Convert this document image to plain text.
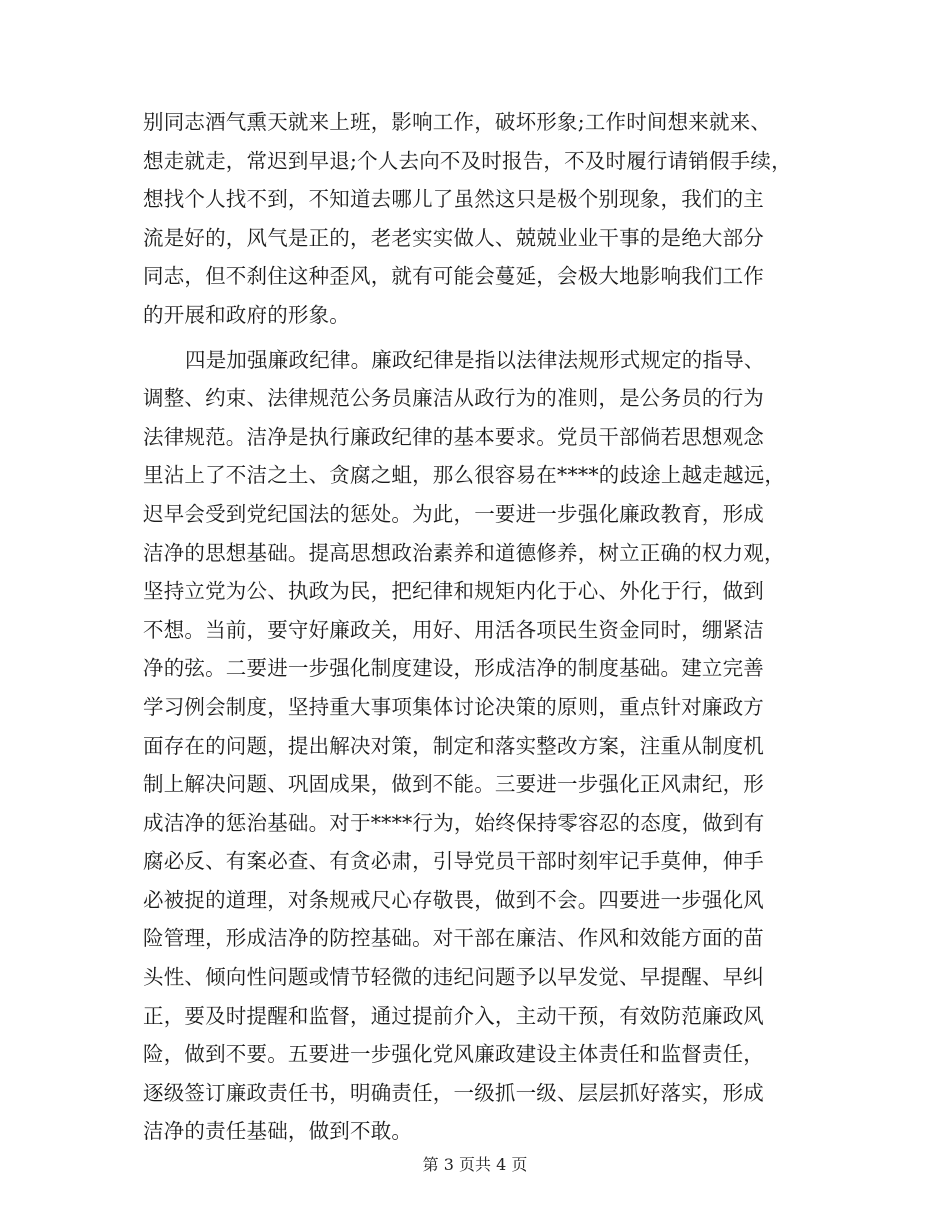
别同志酒气熏天就来上班，影响工作，破坏形象;工作时间想来就来、
想走就走，常迟到早退;个人去向不及时报告，不及时履行请销假手续，
想找个人找不到，不知道去哪儿了虽然这只是极个别现象，我们的主
流是好的，风气是正的，老老实实做人、兢兢业业干事的是绝大部分
同志，但不刹住这种歪风，就有可能会蔓延，会极大地影响我们工作
的开展和政府的形象。
四是加强廉政纪律。廉政纪律是指以法律法规形式规定的指导、
调整、约束、法律规范公务员廉洁从政行为的准则，是公务员的行为
法律规范。洁净是执行廉政纪律的基本要求。党员干部倘若思想观念
里沾上了不洁之土、贪腐之蛆，那么很容易在****的歧途上越走越远，
迟早会受到党纪国法的惩处。为此，一要进一步强化廉政教育，形成
洁净的思想基础。提高思想政治素养和道德修养，树立正确的权力观，
坚持立党为公、执政为民，把纪律和规矩内化于心、外化于行，做到
不想。当前，要守好廉政关，用好、用活各项民生资金同时，绷紧洁
净的弦。二要进一步强化制度建设，形成洁净的制度基础。建立完善
学习例会制度，坚持重大事项集体讨论决策的原则，重点针对廉政方
面存在的问题，提出解决对策，制定和落实整改方案，注重从制度机
制上解决问题、巩固成果，做到不能。三要进一步强化正风肃纪，形
成洁净的惩治基础。对于****行为，始终保持零容忍的态度，做到有
腐必反、有案必查、有贪必肃，引导党员干部时刻牢记手莫伸，伸手
必被捉的道理，对条规戒尺心存敬畏，做到不会。四要进一步强化风
险管理，形成洁净的防控基础。对干部在廉洁、作风和效能方面的苗
头性、倾向性问题或情节轻微的违纪问题予以早发觉、早提醒、早纠
正，要及时提醒和监督，通过提前介入，主动干预，有效防范廉政风
险，做到不要。五要进一步强化党风廉政建设主体责任和监督责任，
逐级签订廉政责任书，明确责任，一级抓一级、层层抓好落实，形成
洁净的责任基础，做到不敢。
第 3 页共 4 页
